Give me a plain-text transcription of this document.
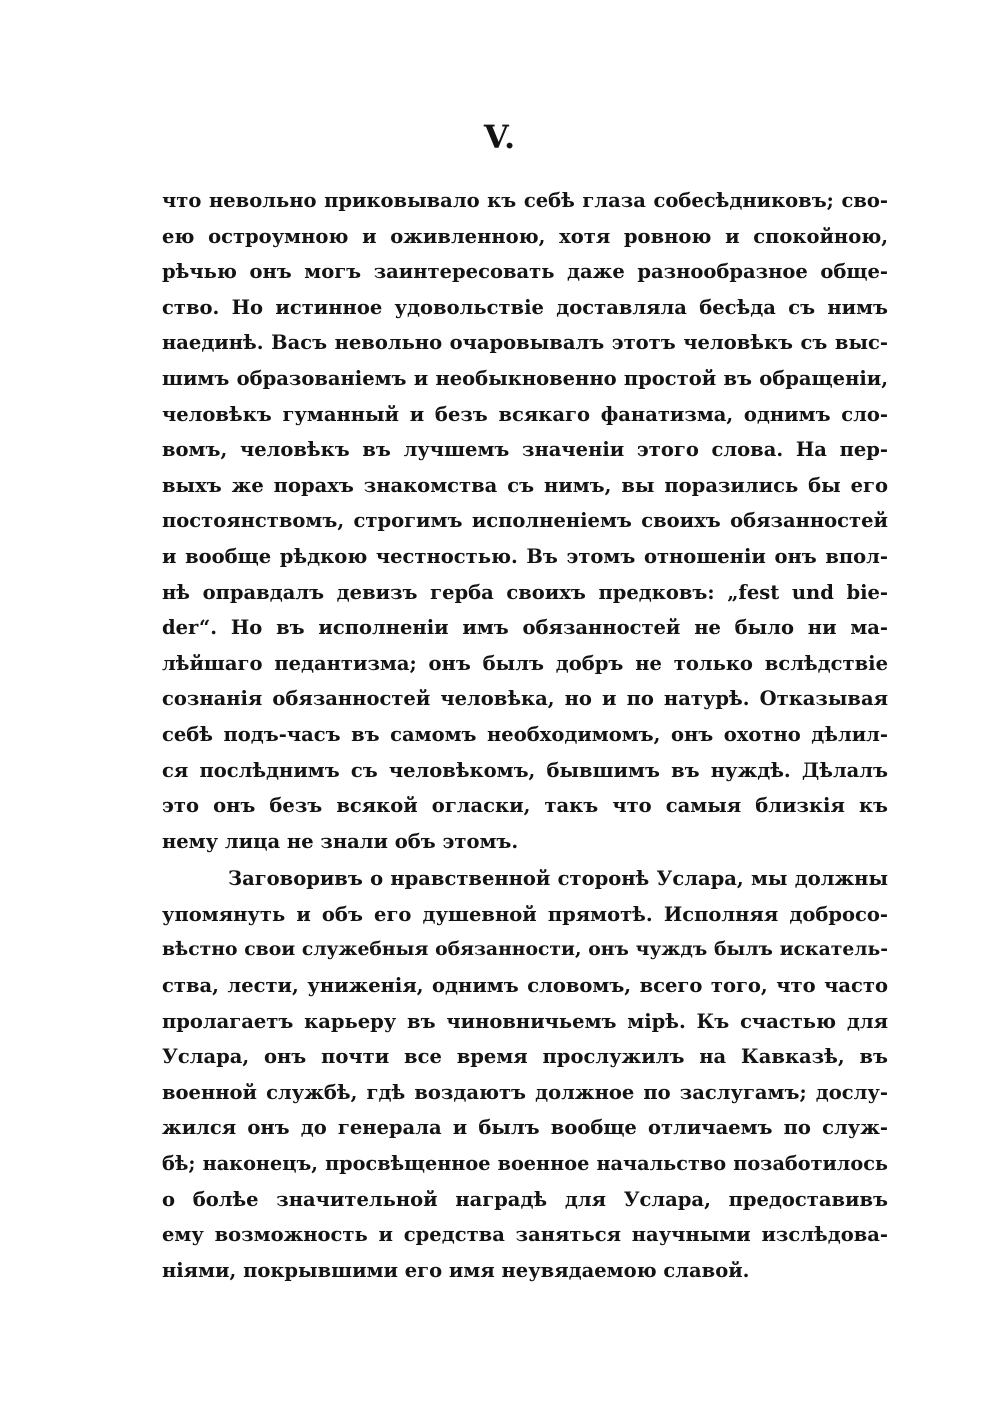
V.
что невольно приковывало къ себѣ глаза собесѣдниковъ; сво-
ею остроумною и оживленною, хотя ровною и спокойною,
рѣчью онъ могъ заинтересовать даже разнообразное обще-
ство. Но истинное удовольствіе доставляла бесѣда съ нимъ
наединѣ. Васъ невольно очаровывалъ этотъ человѣкъ съ выс-
шимъ образованіемъ и необыкновенно простой въ обращеніи,
человѣкъ гуманный и безъ всякаго фанатизма, однимъ сло-
вомъ, человѣкъ въ лучшемъ значеніи этого слова. На пер-
выхъ же порахъ знакомства съ нимъ, вы поразились бы его
постоянствомъ, строгимъ исполненіемъ своихъ обязанностей
и вообще рѣдкою честностью. Въ этомъ отношеніи онъ впол-
нѣ оправдалъ девизъ герба своихъ предковъ: „fest und bie-
der“. Но въ исполненіи имъ обязанностей не было ни ма-
лѣйшаго педантизма; онъ былъ добръ не только вслѣдствіе
сознанія обязанностей человѣка, но и по натурѣ. Отказывая
себѣ подъ-часъ въ самомъ необходимомъ, онъ охотно дѣлил-
ся послѣднимъ съ человѣкомъ, бывшимъ въ нуждѣ. Дѣлалъ
это онъ безъ всякой огласки, такъ что самыя близкія къ
нему лица не знали объ этомъ.
Заговоривъ о нравственной сторонѣ Услара, мы должны
упомянуть и объ его душевной прямотѣ. Исполняя добросо-
вѣстно свои служебныя обязанности, онъ чуждъ былъ искатель-
ства, лести, униженія, однимъ словомъ, всего того, что часто
пролагаетъ карьеру въ чиновничьемъ мірѣ. Къ счастью для
Услара, онъ почти все время прослужилъ на Кавказѣ, въ
военной службѣ, гдѣ воздаютъ должное по заслугамъ; дослу-
жился онъ до генерала и былъ вообще отличаемъ по служ-
бѣ; наконецъ, просвѣщенное военное начальство позаботилось
о болѣе значительной наградѣ для Услара, предоставивъ
ему возможность и средства заняться научными изслѣдова-
ніями, покрывшими его имя неувядаемою славой.
